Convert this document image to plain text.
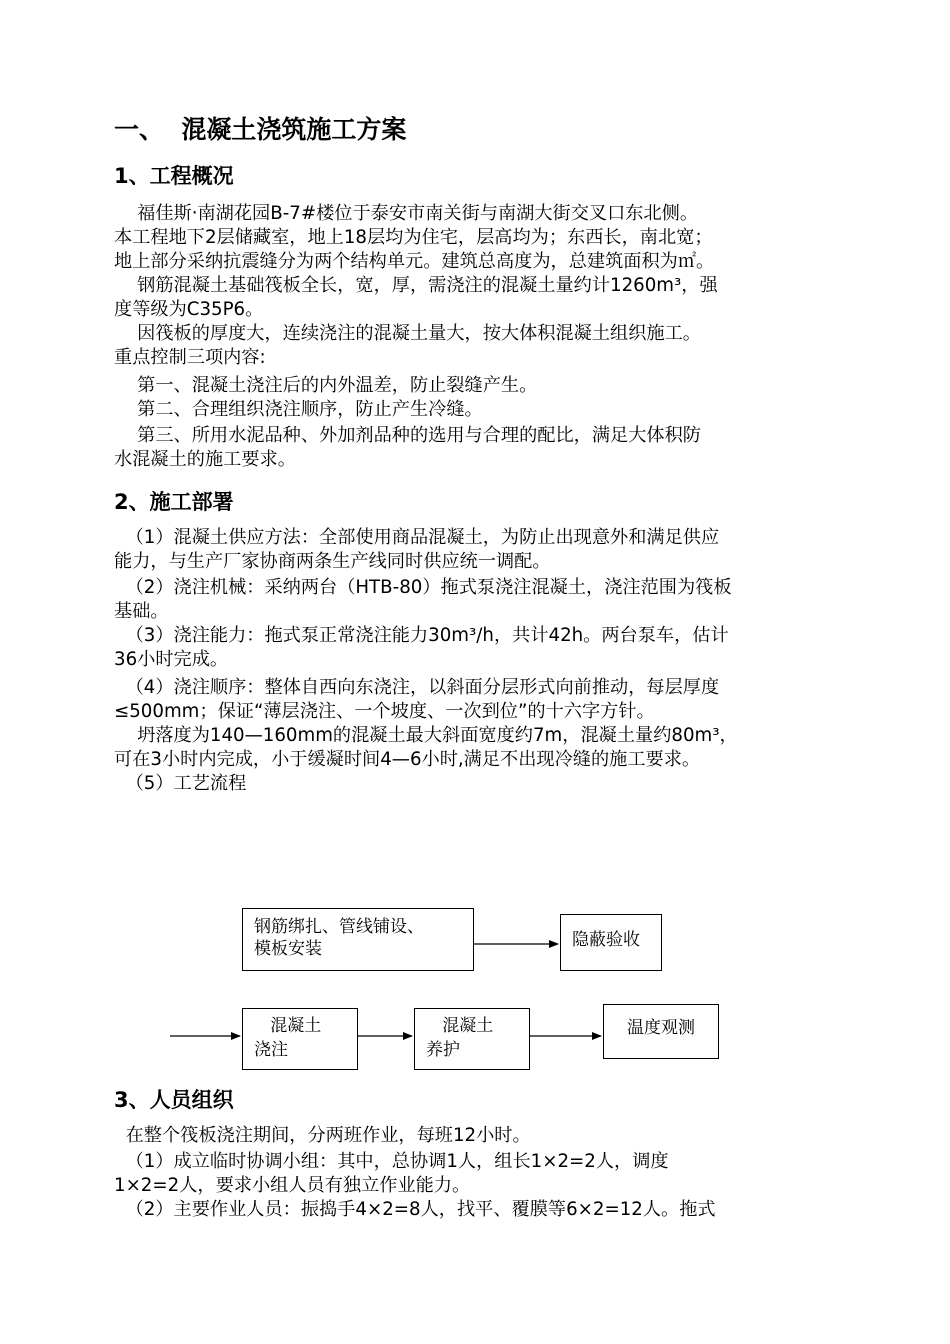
一、  混凝土浇筑施工方案
1、工程概况
福佳斯·南湖花园B-7#楼位于泰安市南关街与南湖大街交叉口东北侧。
本工程地下2层储藏室，地上18层均为住宅，层高均为；东西长，南北宽；
地上部分采纳抗震缝分为两个结构单元。建筑总高度为，总建筑面积为㎡。
钢筋混凝土基础筏板全长，宽，厚，需浇注的混凝土量约计1260m³，强
度等级为C35P6。
因筏板的厚度大，连续浇注的混凝土量大，按大体积混凝土组织施工。
重点控制三项内容:
第一、混凝土浇注后的内外温差，防止裂缝产生。
第二、合理组织浇注顺序，防止产生冷缝。
第三、所用水泥品种、外加剂品种的选用与合理的配比，满足大体积防
水混凝土的施工要求。
2、施工部署
（1）混凝土供应方法：全部使用商品混凝土，为防止出现意外和满足供应
能力，与生产厂家协商两条生产线同时供应统一调配。
（2）浇注机械：采纳两台（HTB-80）拖式泵浇注混凝土，浇注范围为筏板
基础。
（3）浇注能力：拖式泵正常浇注能力30m³/h，共计42h。两台泵车，估计
36小时完成。
（4）浇注顺序：整体自西向东浇注，以斜面分层形式向前推动，每层厚度
≤500mm；保证“薄层浇注、一个坡度、一次到位”的十六字方针。
坍落度为140—160mm的混凝土最大斜面宽度约7m，混凝土量约80m³，
可在3小时内完成，小于缓凝时间4—6小时,满足不出现冷缝的施工要求。
（5）工艺流程
钢筋绑扎、管线铺设、
模板安装	隐蔽验收
混凝土
浇注
混凝土
养护
温度观测
3、人员组织
在整个筏板浇注期间，分两班作业，每班12小时。
（1）成立临时协调小组：其中，总协调1人，组长1×2=2人，调度
1×2=2人，要求小组人员有独立作业能力。
（2）主要作业人员：振捣手4×2=8人，找平、覆膜等6×2=12人。拖式
